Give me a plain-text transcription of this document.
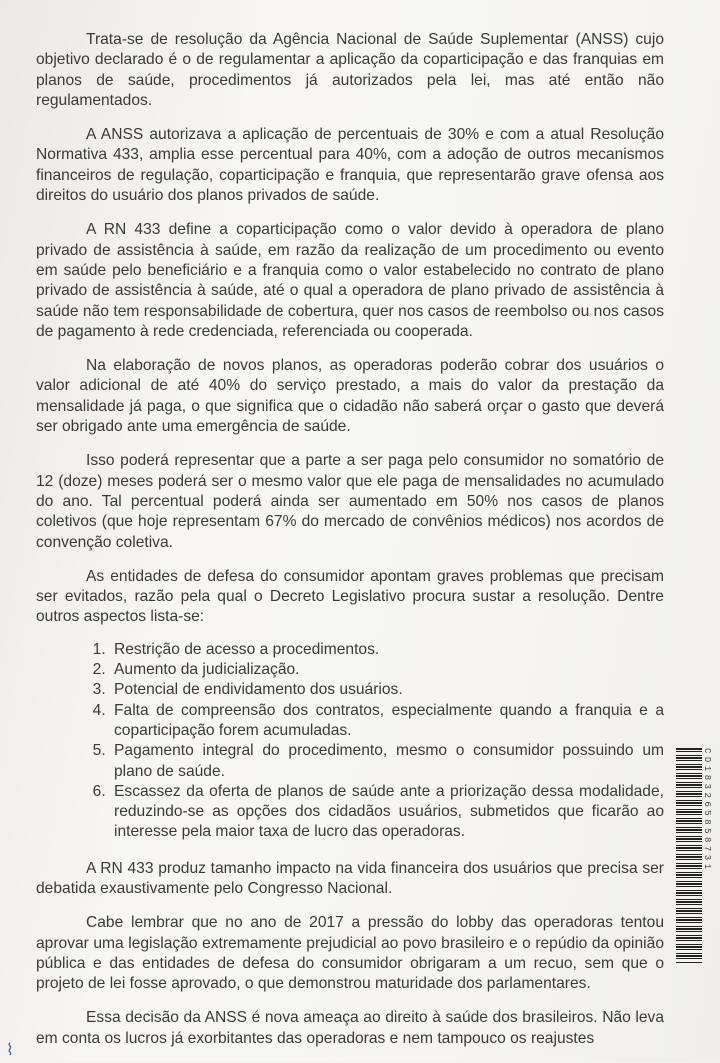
Trata-se de resolução da Agência Nacional de Saúde Suplementar (ANSS) cujo objetivo declarado é o de regulamentar a aplicação da coparticipação e das franquias em planos de saúde, procedimentos já autorizados pela lei, mas até então não regulamentados.

A ANSS autorizava a aplicação de percentuais de 30% e com a atual Resolução Normativa 433, amplia esse percentual para 40%, com a adoção de outros mecanismos financeiros de regulação, coparticipação e franquia, que representarão grave ofensa aos direitos do usuário dos planos privados de saúde.

A RN 433 define a coparticipação como o valor devido à operadora de plano privado de assistência à saúde, em razão da realização de um procedimento ou evento em saúde pelo beneficiário e a franquia como o valor estabelecido no contrato de plano privado de assistência à saúde, até o qual a operadora de plano privado de assistência à saúde não tem responsabilidade de cobertura, quer nos casos de reembolso ou nos casos de pagamento à rede credenciada, referenciada ou cooperada.

Na elaboração de novos planos, as operadoras poderão cobrar dos usuários o valor adicional de até 40% do serviço prestado, a mais do valor da prestação da mensalidade já paga, o que significa que o cidadão não saberá orçar o gasto que deverá ser obrigado ante uma emergência de saúde.

Isso poderá representar que a parte a ser paga pelo consumidor no somatório de 12 (doze) meses poderá ser o mesmo valor que ele paga de mensalidades no acumulado do ano. Tal percentual poderá ainda ser aumentado em 50% nos casos de planos coletivos (que hoje representam 67% do mercado de convênios médicos) nos acordos de convenção coletiva.

As entidades de defesa do consumidor apontam graves problemas que precisam ser evitados, razão pela qual o Decreto Legislativo procura sustar a resolução. Dentre outros aspectos lista-se:

1. Restrição de acesso a procedimentos.
2. Aumento da judicialização.
3. Potencial de endividamento dos usuários.
4. Falta de compreensão dos contratos, especialmente quando a franquia e a coparticipação forem acumuladas.
5. Pagamento integral do procedimento, mesmo o consumidor possuindo um plano de saúde.
6. Escassez da oferta de planos de saúde ante a priorização dessa modalidade, reduzindo-se as opções dos cidadãos usuários, submetidos que ficarão ao interesse pela maior taxa de lucro das operadoras.

A RN 433 produz tamanho impacto na vida financeira dos usuários que precisa ser debatida exaustivamente pelo Congresso Nacional.

Cabe lembrar que no ano de 2017 a pressão do lobby das operadoras tentou aprovar uma legislação extremamente prejudicial ao povo brasileiro e o repúdio da opinião pública e das entidades de defesa do consumidor obrigaram a um recuo, sem que o projeto de lei fosse aprovado, o que demonstrou maturidade dos parlamentares.

Essa decisão da ANSS é nova ameaça ao direito à saúde dos brasileiros. Não leva em conta os lucros já exorbitantes das operadoras e nem tampouco os reajustes

CD183265858731
⌇
